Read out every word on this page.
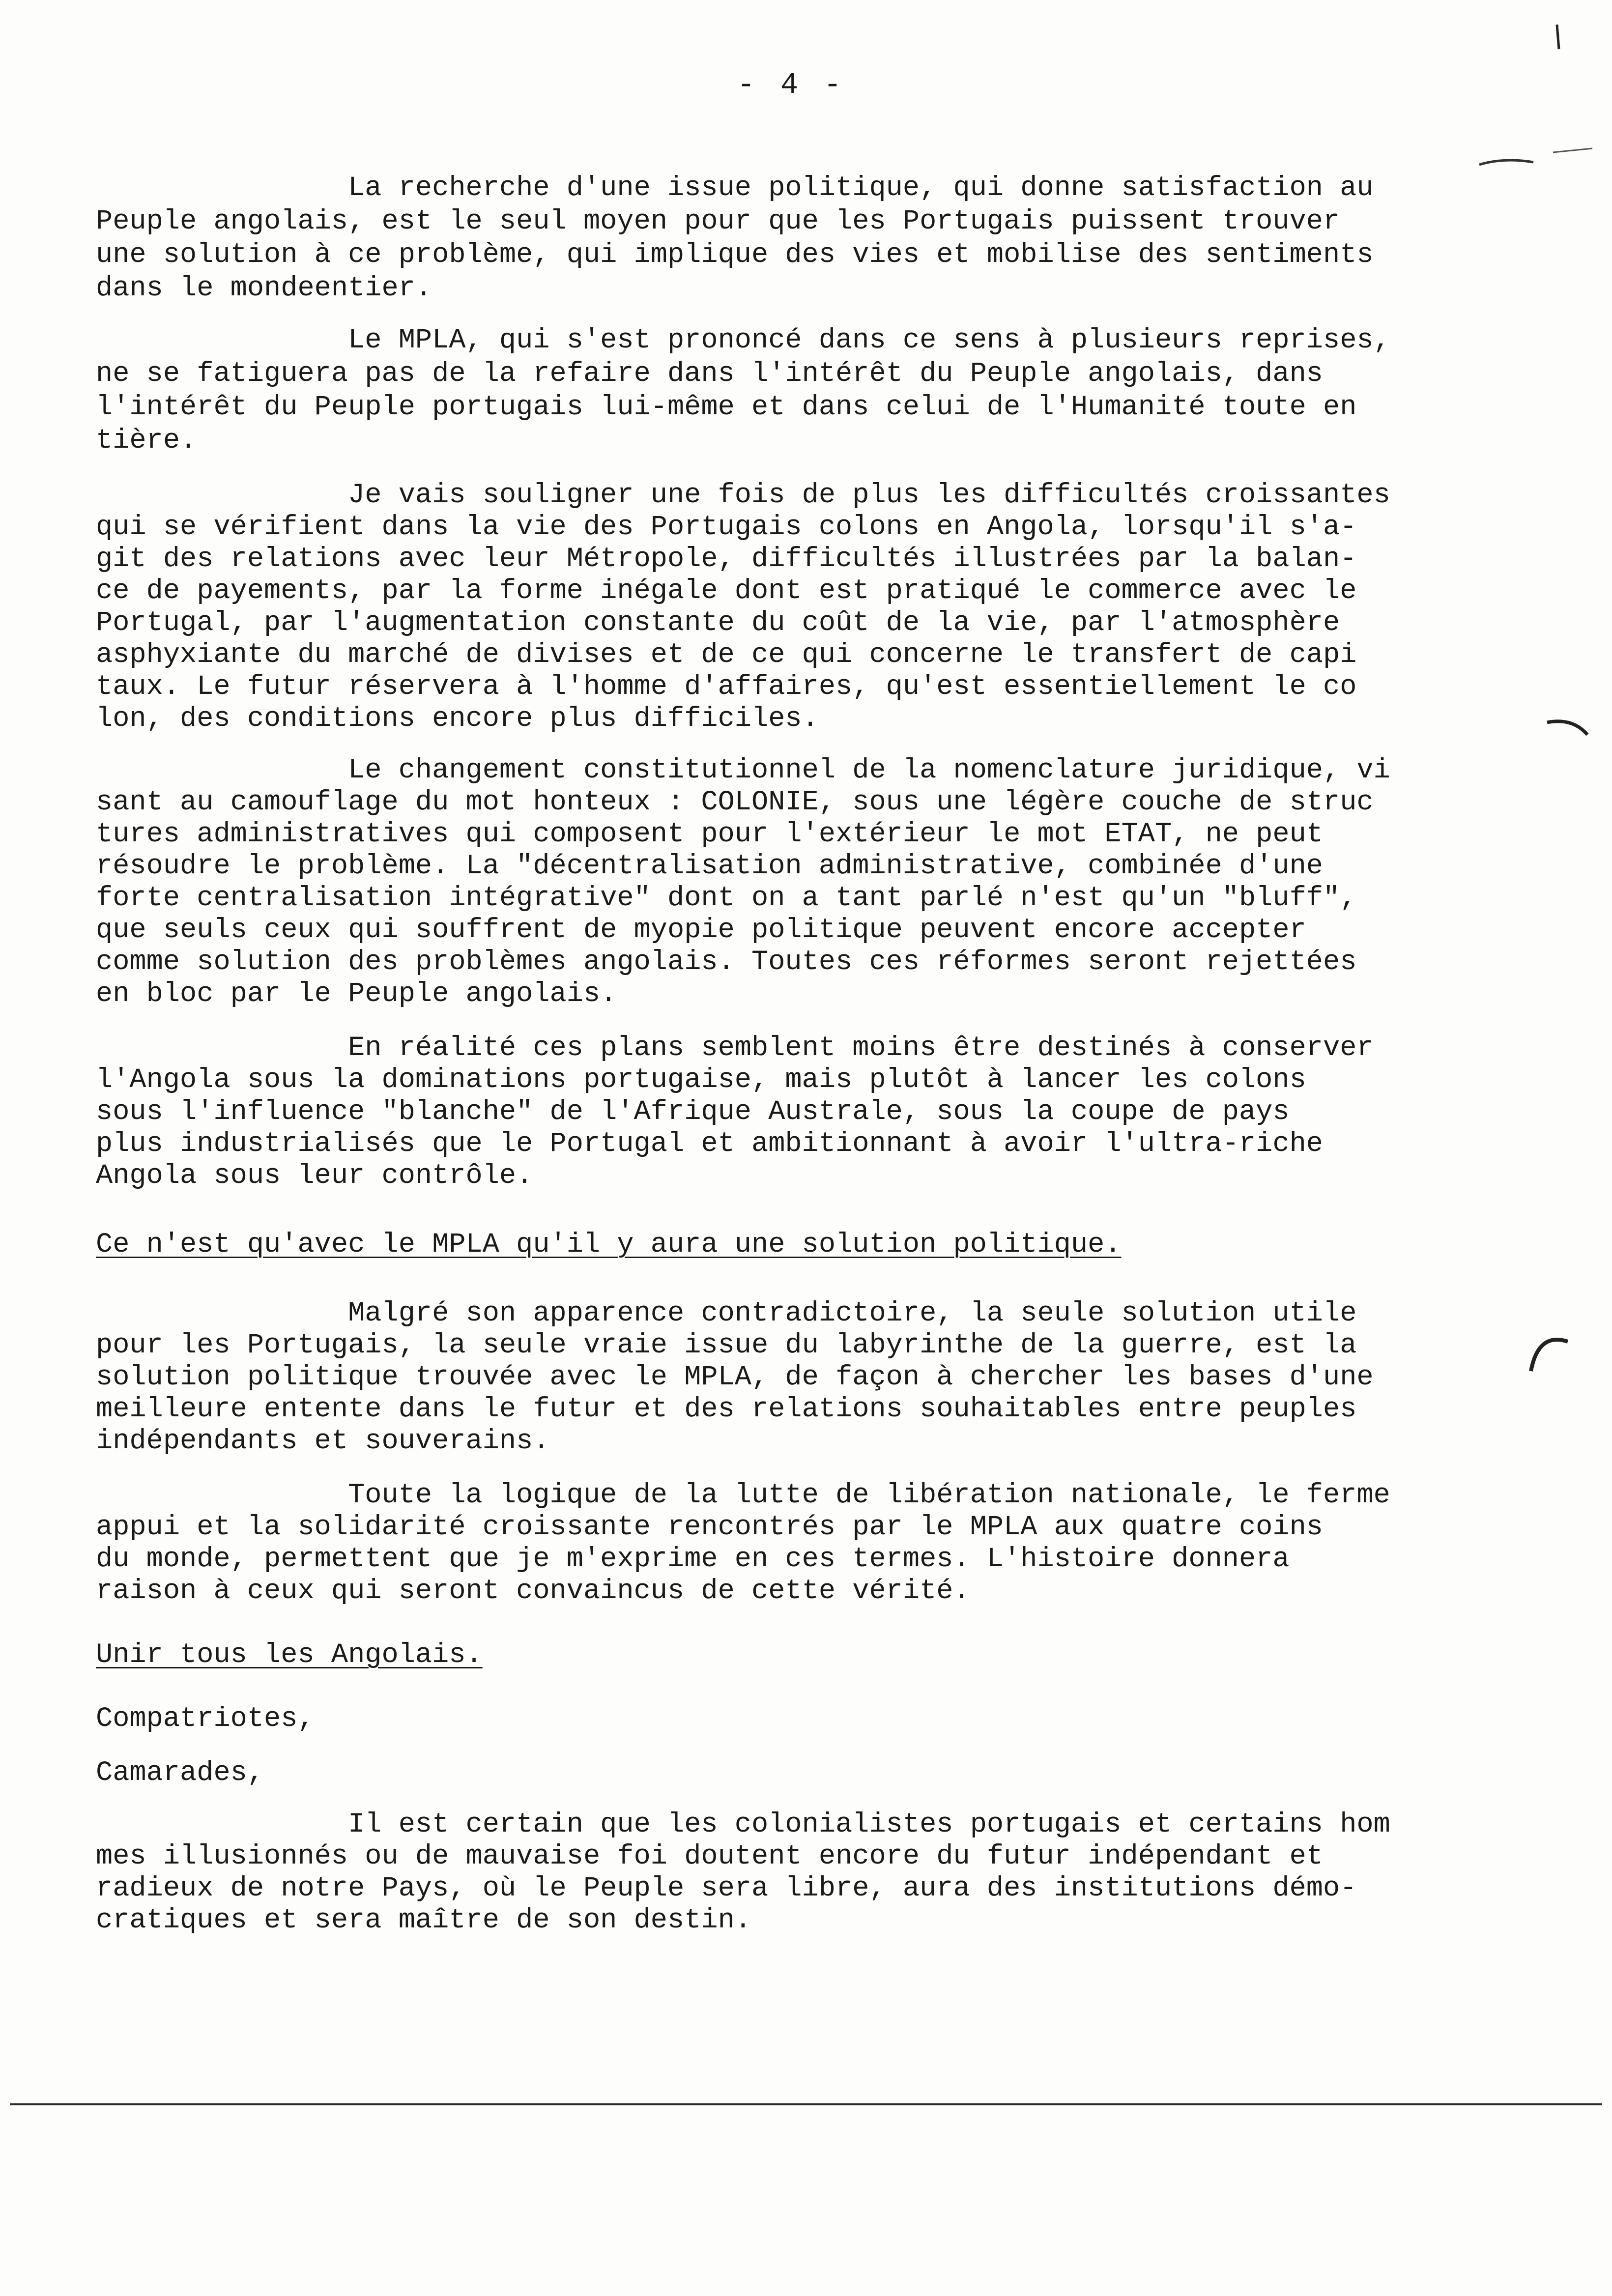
- 4 -
La recherche d'une issue politique, qui donne satisfaction au
Peuple angolais, est le seul moyen pour que les Portugais puissent trouver
une solution à ce problème, qui implique des vies et mobilise des sentiments
dans le mondeentier.
Le MPLA, qui s'est prononcé dans ce sens à plusieurs reprises,
ne se fatiguera pas de la refaire dans l'intérêt du Peuple angolais, dans
l'intérêt du Peuple portugais lui-même et dans celui de l'Humanité toute en
tière.
Je vais souligner une fois de plus les difficultés croissantes
qui se vérifient dans la vie des Portugais colons en Angola, lorsqu'il s'a-
git des relations avec leur Métropole, difficultés illustrées par la balan-
ce de payements, par la forme inégale dont est pratiqué le commerce avec le
Portugal, par l'augmentation constante du coût de la vie, par l'atmosphère
asphyxiante du marché de divises et de ce qui concerne le transfert de capi
taux. Le futur réservera à l'homme d'affaires, qu'est essentiellement le co
lon, des conditions encore plus difficiles.
Le changement constitutionnel de la nomenclature juridique, vi
sant au camouflage du mot honteux : COLONIE, sous une légère couche de struc
tures administratives qui composent pour l'extérieur le mot ETAT, ne peut
résoudre le problème. La "décentralisation administrative, combinée d'une
forte centralisation intégrative" dont on a tant parlé n'est qu'un "bluff",
que seuls ceux qui souffrent de myopie politique peuvent encore accepter
comme solution des problèmes angolais. Toutes ces réformes seront rejettées
en bloc par le Peuple angolais.
En réalité ces plans semblent moins être destinés à conserver
l'Angola sous la dominations portugaise, mais plutôt à lancer les colons
sous l'influence "blanche" de l'Afrique Australe, sous la coupe de pays
plus industrialisés que le Portugal et ambitionnant à avoir l'ultra-riche
Angola sous leur contrôle.
Ce n'est qu'avec le MPLA qu'il y aura une solution politique.
Malgré son apparence contradictoire, la seule solution utile
pour les Portugais, la seule vraie issue du labyrinthe de la guerre, est la
solution politique trouvée avec le MPLA, de façon à chercher les bases d'une
meilleure entente dans le futur et des relations souhaitables entre peuples
indépendants et souverains.
Toute la logique de la lutte de libération nationale, le ferme
appui et la solidarité croissante rencontrés par le MPLA aux quatre coins
du monde, permettent que je m'exprime en ces termes. L'histoire donnera
raison à ceux qui seront convaincus de cette vérité.
Unir tous les Angolais.
Compatriotes,
Camarades,
Il est certain que les colonialistes portugais et certains hom
mes illusionnés ou de mauvaise foi doutent encore du futur indépendant et
radieux de notre Pays, où le Peuple sera libre, aura des institutions démo-
cratiques et sera maître de son destin.
